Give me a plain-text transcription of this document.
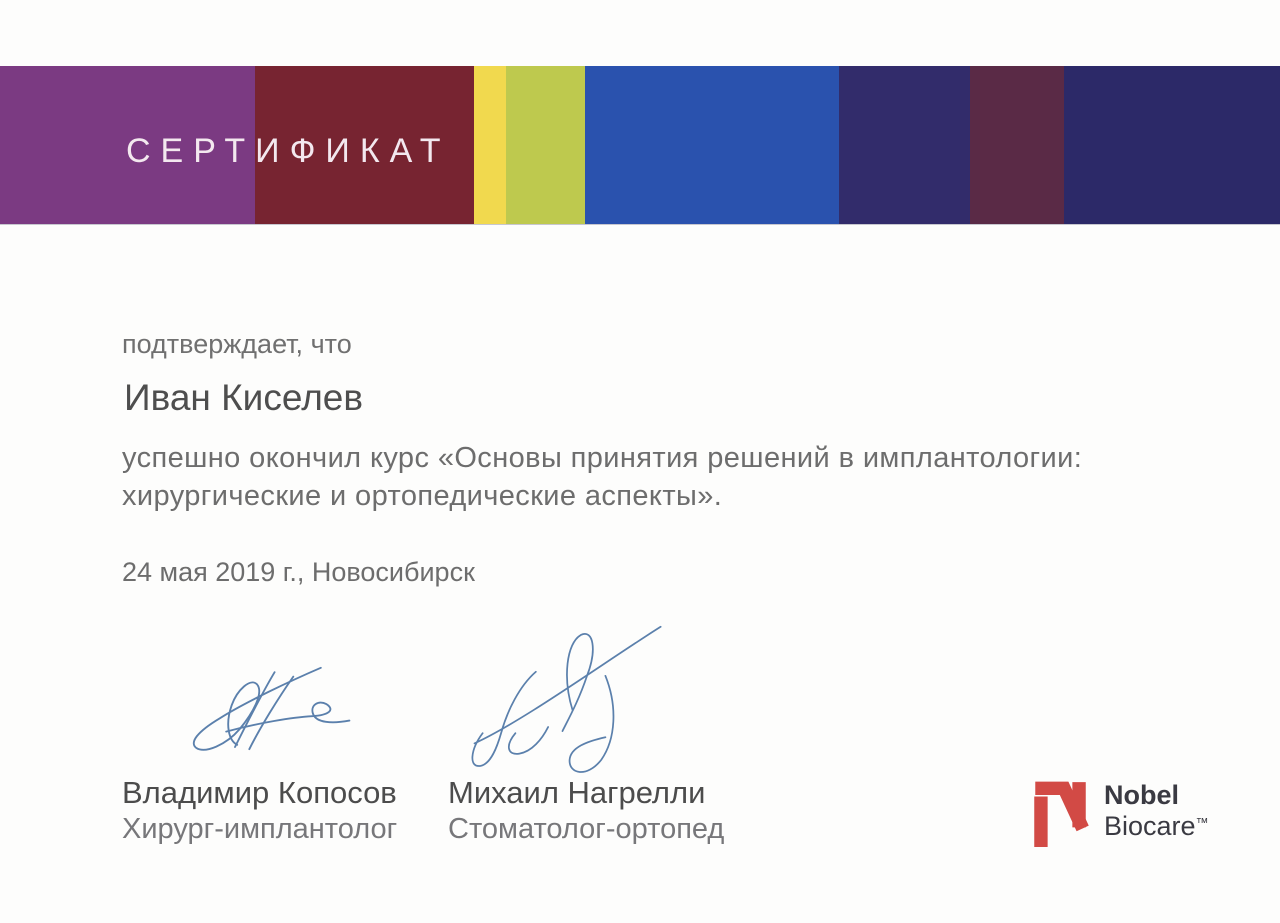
СЕРТИФИКАТ
подтверждает, что
Иван Киселев
успешно окончил курс «Основы принятия решений в имплантологии:
хирургические и ортопедические аспекты».
24 мая 2019 г., Новосибирск
Владимир Копосов
Хирург-имплантолог
Михаил Нагрелли
Стоматолог-ортопед
Nobel
Biocare™
